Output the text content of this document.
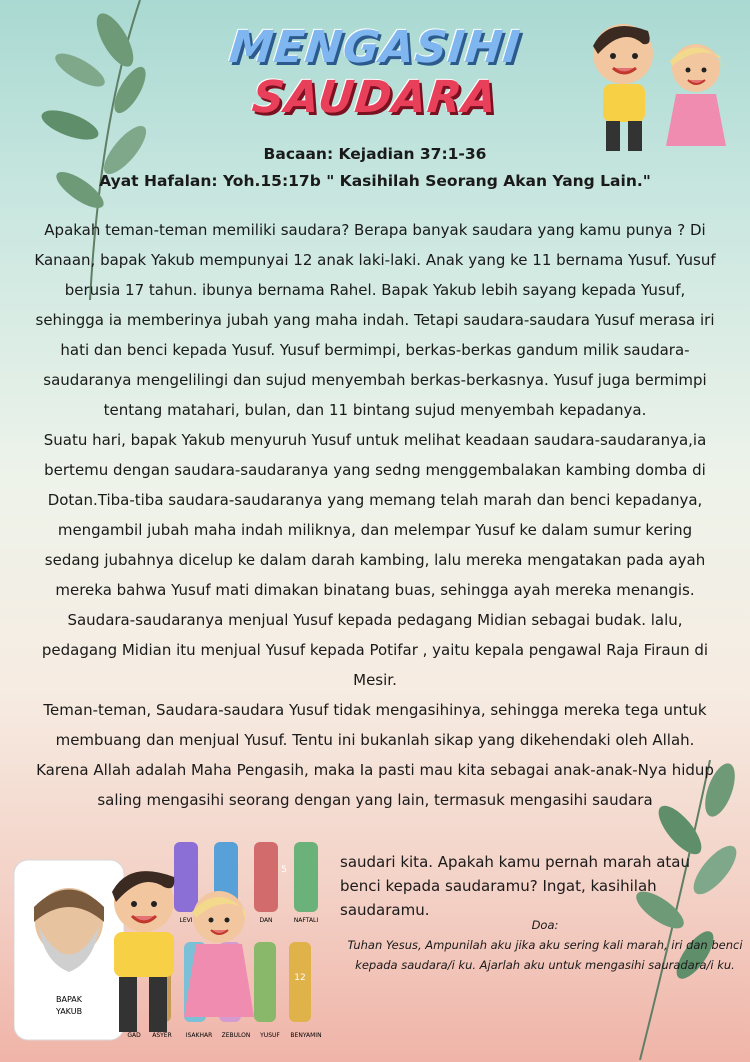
MENGASIHI
SAUDARA
Bacaan: Kejadian 37:1-36
Ayat Hafalan: Yoh.15:17b " Kasihilah Seorang Akan Yang Lain."

Apakah teman-teman memiliki saudara? Berapa banyak saudara yang kamu punya ? Di Kanaan, bapak Yakub mempunyai 12 anak laki-laki. Anak yang ke 11 bernama Yusuf. Yusuf berusia 17 tahun. ibunya bernama Rahel. Bapak Yakub lebih sayang kepada Yusuf, sehingga ia memberinya jubah yang maha indah. Tetapi saudara-saudara Yusuf merasa iri hati dan benci kepada Yusuf. Yusuf bermimpi, berkas-berkas gandum milik saudara-saudaranya mengelilingi dan sujud menyembah berkas-berkasnya. Yusuf juga bermimpi tentang matahari, bulan, dan 11 bintang sujud menyembah kepadanya.

Suatu hari, bapak Yakub menyuruh Yusuf untuk melihat keadaan saudara-saudaranya,ia bertemu dengan saudara-saudaranya yang sedng menggembalakan kambing domba di Dotan.Tiba-tiba saudara-saudaranya yang memang telah marah dan benci kepadanya, mengambil jubah maha indah miliknya, dan melempar Yusuf ke dalam sumur kering sedang jubahnya dicelup ke dalam darah kambing, lalu mereka mengatakan pada ayah mereka bahwa Yusuf mati dimakan binatang buas, sehingga ayah mereka menangis. Saudara-saudaranya menjual Yusuf kepada pedagang Midian sebagai budak. lalu, pedagang Midian itu menjual Yusuf kepada Potifar , yaitu kepala pengawal Raja Firaun di Mesir.

Teman-teman, Saudara-saudara Yusuf tidak mengasihinya, sehingga mereka tega untuk membuang dan menjual Yusuf. Tentu ini bukanlah sikap yang dikehendaki oleh Allah. Karena Allah adalah Maha Pengasih, maka Ia pasti mau kita sebagai anak-anak-Nya hidup saling mengasihi seorang dengan yang lain, termasuk mengasihi saudara

saudari kita. Apakah kamu pernah marah atau benci kepada saudaramu? Ingat, kasihilah saudaramu.

Doa:
Tuhan Yesus, Ampunilah aku jika aku sering kali marah, iri dan benci kepada saudara/i ku. Ajarlah aku untuk mengasihi sauradara/i ku.
BAPAK
YAKUB
LEVI	DAN	NAFTALI
12
5
GAD ASYER ISAKHAR ZEBULON YUSUF BENYAMIN
